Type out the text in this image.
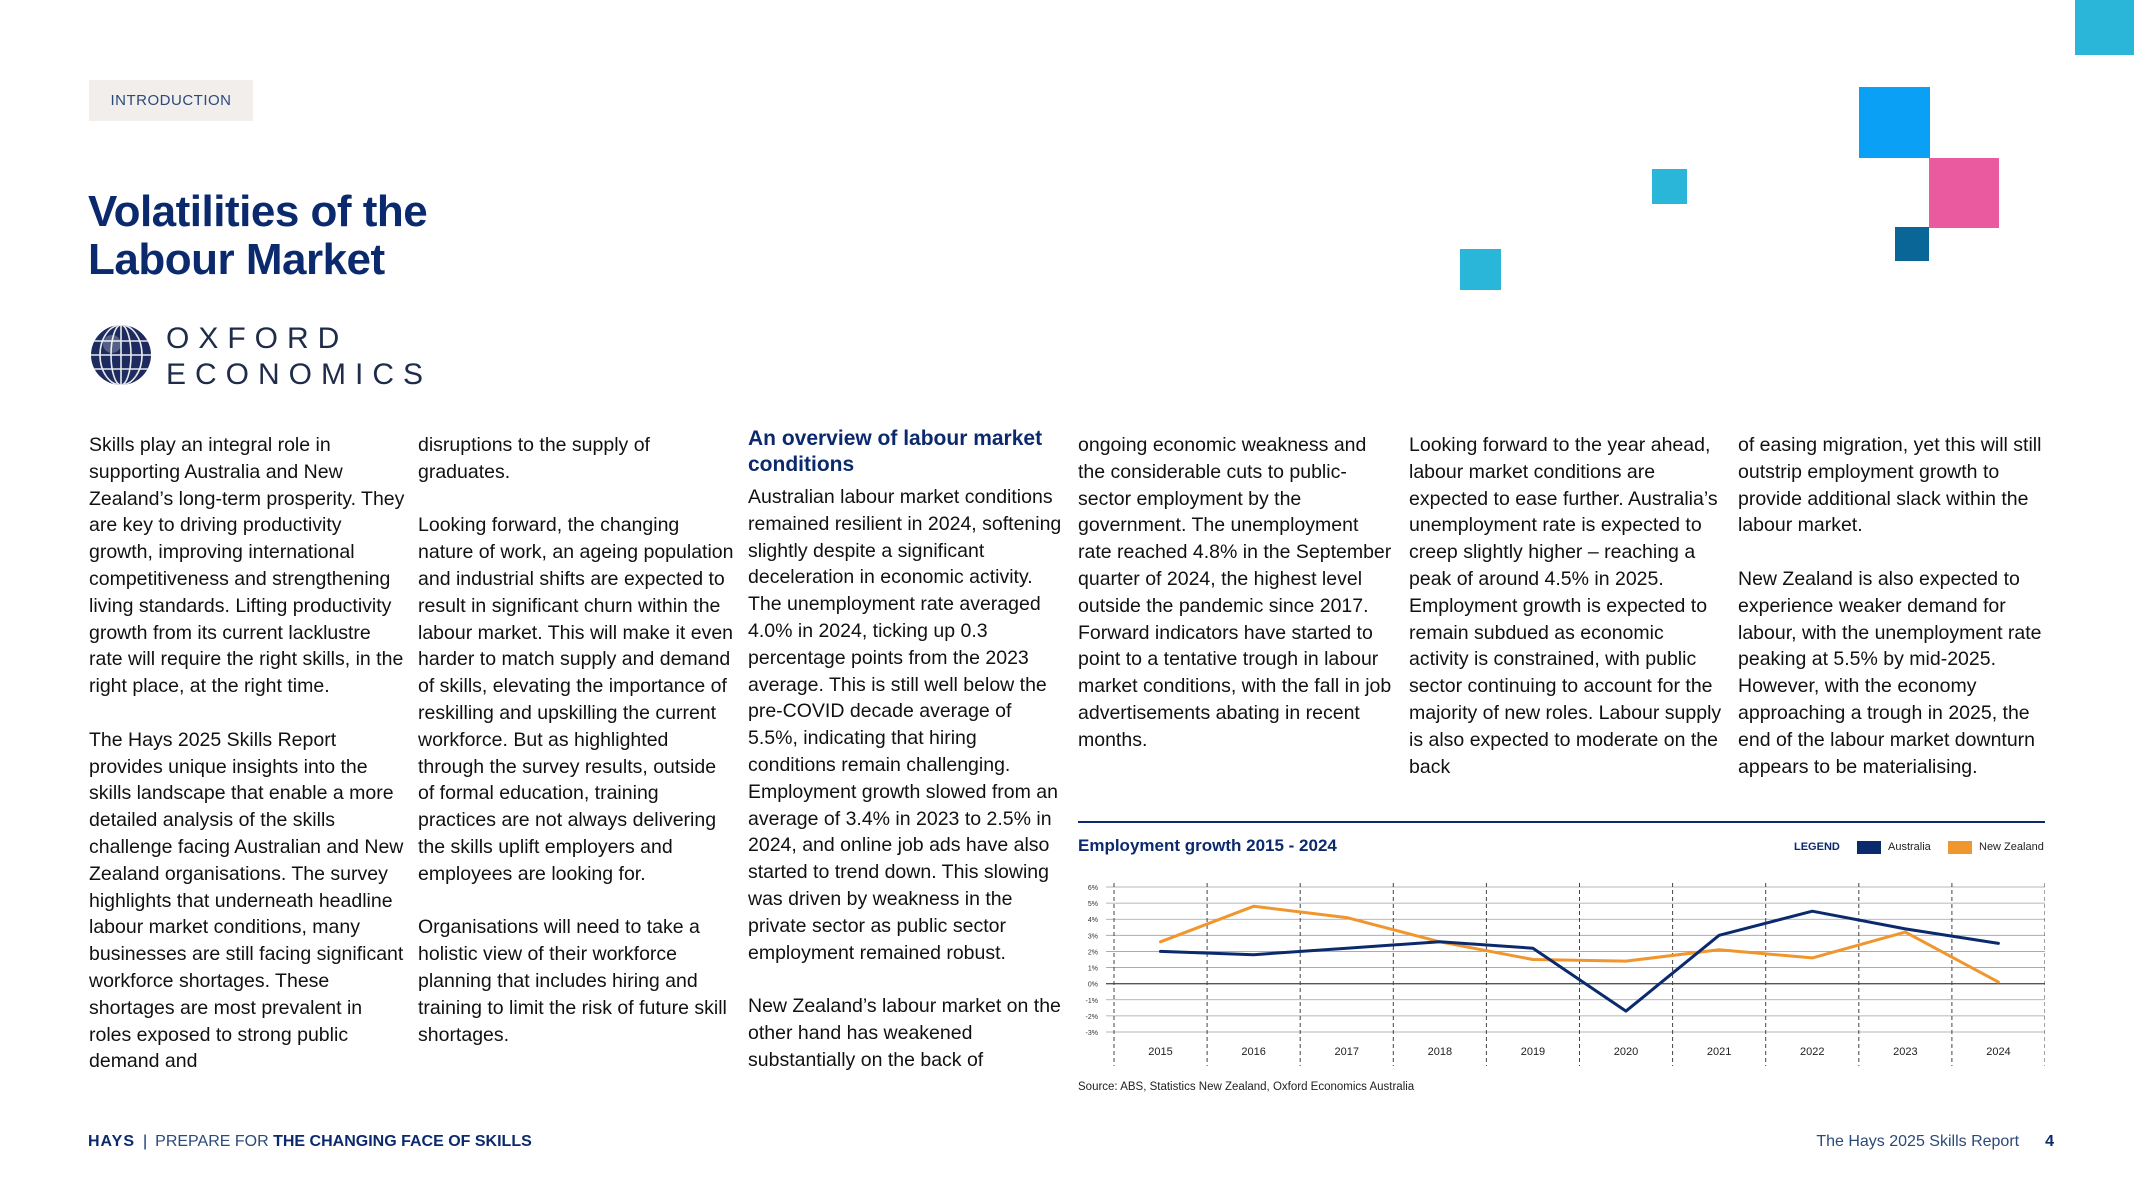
INTRODUCTION
Volatilities of the
Labour Market
OXFORD
ECONOMICS

Skills play an integral role in supporting Australia and New Zealand’s long-term prosperity. They are key to driving productivity growth, improving international competitiveness and strengthening living standards. Lifting productivity growth from its current lacklustre rate will require the right skills, in the right place, at the right time.

The Hays 2025 Skills Report provides unique insights into the skills landscape that enable a more detailed analysis of the skills challenge facing Australian and New Zealand organisations. The survey highlights that underneath headline labour market conditions, many businesses are still facing significant workforce shortages. These shortages are most prevalent in roles exposed to strong public demand and

disruptions to the supply of graduates.

Looking forward, the changing nature of work, an ageing population and industrial shifts are expected to result in significant churn within the labour market. This will make it even harder to match supply and demand of skills, elevating the importance of reskilling and upskilling the current workforce. But as highlighted through the survey results, outside of formal education, training practices are not always delivering the skills uplift employers and employees are looking for.

Organisations will need to take a holistic view of their workforce planning that includes hiring and training to limit the risk of future skill shortages.

An overview of labour market conditions

Australian labour market conditions remained resilient in 2024, softening slightly despite a significant deceleration in economic activity. The unemployment rate averaged 4.0% in 2024, ticking up 0.3 percentage points from the 2023 average. This is still well below the pre-COVID decade average of 5.5%, indicating that hiring conditions remain challenging. Employment growth slowed from an average of 3.4% in 2023 to 2.5% in 2024, and online job ads have also started to trend down. This slowing was driven by weakness in the private sector as public sector employment remained robust.

New Zealand’s labour market on the other hand has weakened substantially on the back of

ongoing economic weakness and the considerable cuts to public-sector employment by the government. The unemployment rate reached 4.8% in the September quarter of 2024, the highest level outside the pandemic since 2017. Forward indicators have started to point to a tentative trough in labour market conditions, with the fall in job advertisements abating in recent months.

Looking forward to the year ahead, labour market conditions are expected to ease further. Australia’s unemployment rate is expected to creep slightly higher – reaching a peak of around 4.5% in 2025. Employment growth is expected to remain subdued as economic activity is constrained, with public sector continuing to account for the majority of new roles. Labour supply is also expected to moderate on the back

of easing migration, yet this will still outstrip employment growth to provide additional slack within the labour market.

New Zealand is also expected to experience weaker demand for labour, with the unemployment rate peaking at 5.5% by mid-2025. However, with the economy approaching a trough in 2025, the end of the labour market downturn appears to be materialising.

Employment growth 2015 - 2024	LEGEND	Australia	New Zealand
6%
5%
4%
3%
2%
1%
0%
-1%
-2%
-3%
2015	2016	2017	2018	2019	2020	2021	2022	2023	2024
Source: ABS, Statistics New Zealand, Oxford Economics Australia
HAYS | PREPARE FOR THE CHANGING FACE OF SKILLS	The Hays 2025 Skills Report 4
